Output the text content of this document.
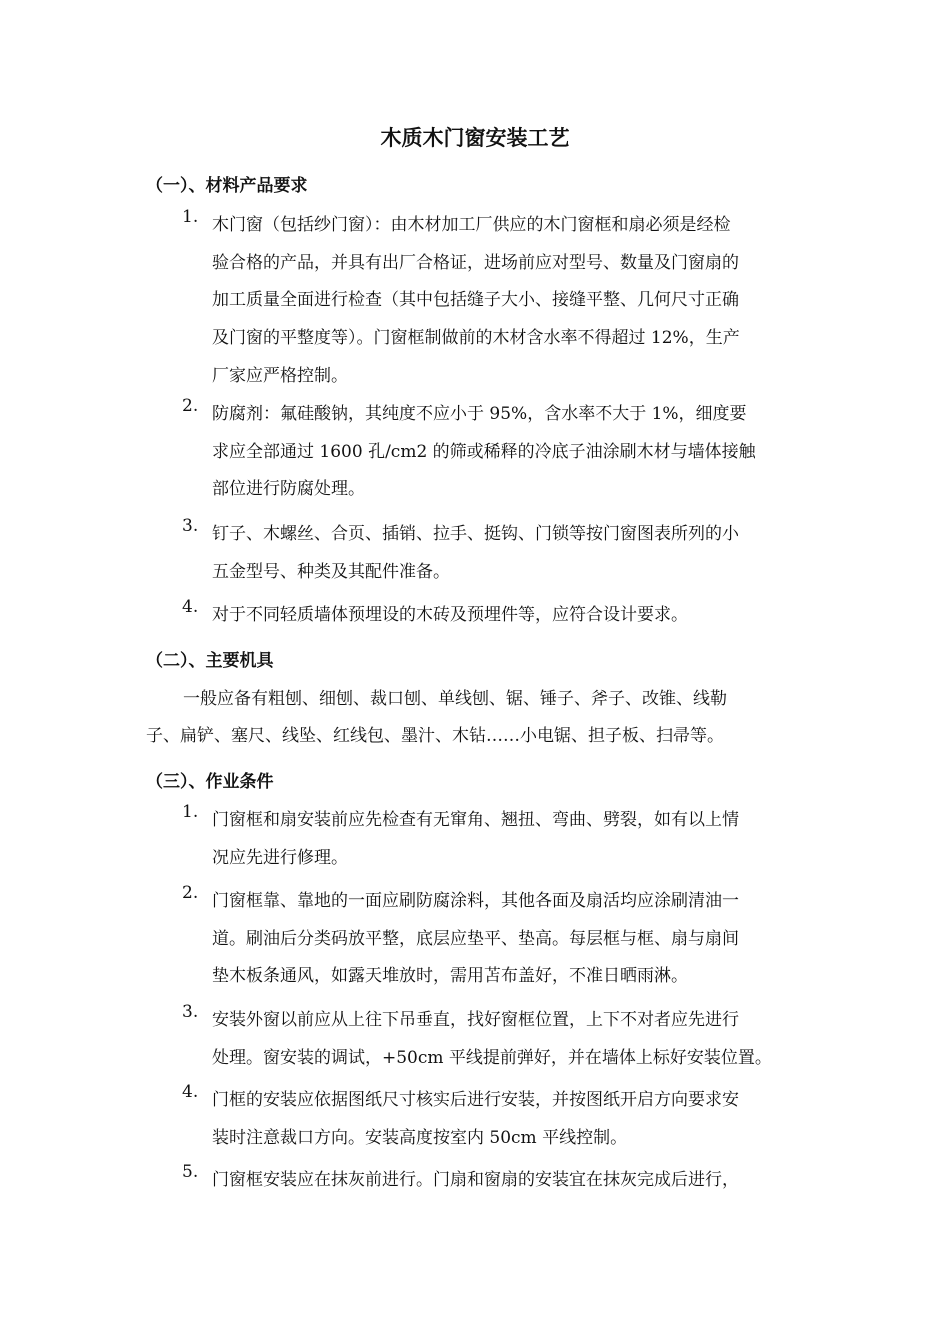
木质木门窗安装工艺
（一）、材料产品要求
1. 木门窗（包括纱门窗）：由木材加工厂供应的木门窗框和扇必须是经检

验合格的产品，并具有出厂合格证，进场前应对型号、数量及门窗扇的

加工质量全面进行检查（其中包括缝子大小、接缝平整、几何尺寸正确

及门窗的平整度等）。门窗框制做前的木材含水率不得超过 12%，生产

厂家应严格控制。

2. 防腐剂：氟硅酸钠，其纯度不应小于 95%，含水率不大于 1%，细度要

求应全部通过 1600 孔/cm2 的筛或稀释的冷底子油涂刷木材与墙体接触

部位进行防腐处理。

3. 钉子、木螺丝、合页、插销、拉手、挺钩、门锁等按门窗图表所列的小

五金型号、种类及其配件准备。

4. 对于不同轻质墙体预埋设的木砖及预埋件等，应符合设计要求。

（二）、主要机具

一般应备有粗刨、细刨、裁口刨、单线刨、锯、锤子、斧子、改锥、线勒

子、扁铲、塞尺、线坠、红线包、墨汁、木钻……小电锯、担子板、扫帚等。

（三）、作业条件
1. 门窗框和扇安装前应先检查有无窜角、翘扭、弯曲、劈裂，如有以上情

况应先进行修理。

2. 门窗框靠、靠地的一面应刷防腐涂料，其他各面及扇活均应涂刷清油一

道。刷油后分类码放平整，底层应垫平、垫高。每层框与框、扇与扇间

垫木板条通风，如露天堆放时，需用苫布盖好，不准日晒雨淋。

3. 安装外窗以前应从上往下吊垂直，找好窗框位置，上下不对者应先进行

处理。窗安装的调试，+50cm 平线提前弹好，并在墙体上标好安装位置。

4. 门框的安装应依据图纸尺寸核实后进行安装，并按图纸开启方向要求安

装时注意裁口方向。安装高度按室内 50cm 平线控制。

5. 门窗框安装应在抹灰前进行。门扇和窗扇的安装宜在抹灰完成后进行，
